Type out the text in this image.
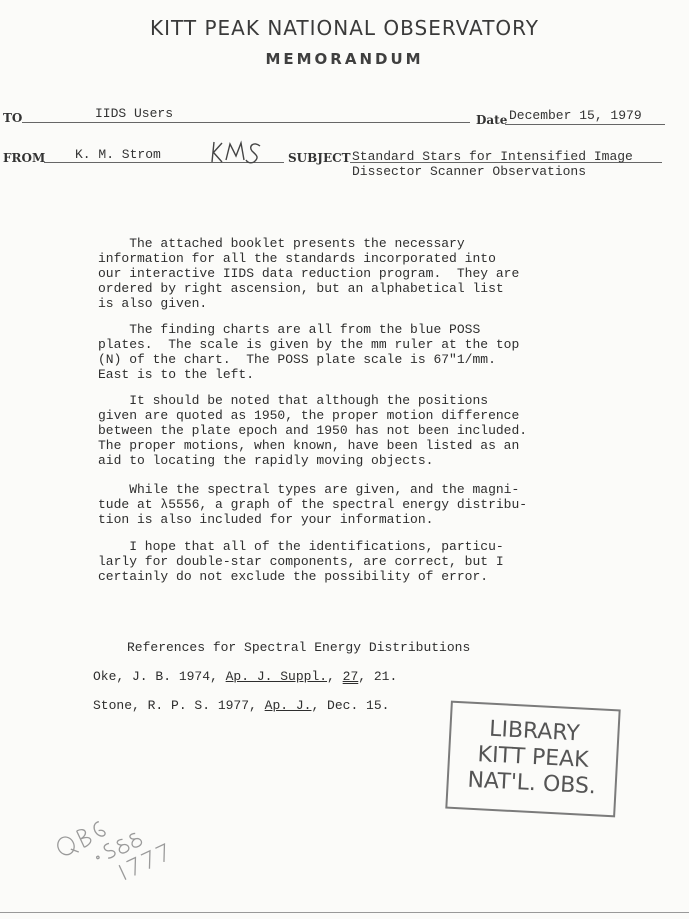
KITT PEAK NATIONAL OBSERVATORY
MEMORANDUM
TO	IIDS Users	Date December 15, 1979
FROM K. M. Strom	SUBJECT Standard Stars for Intensified Image
Dissector Scanner Observations
The attached booklet presents the necessary
information for all the standards incorporated into
our interactive IIDS data reduction program.  They are
ordered by right ascension, but an alphabetical list
is also given.
The finding charts are all from the blue POSS
plates.  The scale is given by the mm ruler at the top
(N) of the chart.  The POSS plate scale is 67"1/mm.
East is to the left.
It should be noted that although the positions
given are quoted as 1950, the proper motion difference
between the plate epoch and 1950 has not been included.
The proper motions, when known, have been listed as an
aid to locating the rapidly moving objects.
While the spectral types are given, and the magni-
tude at λ5556, a graph of the spectral energy distribu-
tion is also included for your information.
I hope that all of the identifications, particu-
larly for double-star components, are correct, but I
certainly do not exclude the possibility of error.
References for Spectral Energy Distributions
Oke, J. B. 1974, Ap. J. Suppl., 27, 21.
Stone, R. P. S. 1977, Ap. J., Dec. 15.
LIBRARY
KITT PEAK
NAT'L. OBS.
